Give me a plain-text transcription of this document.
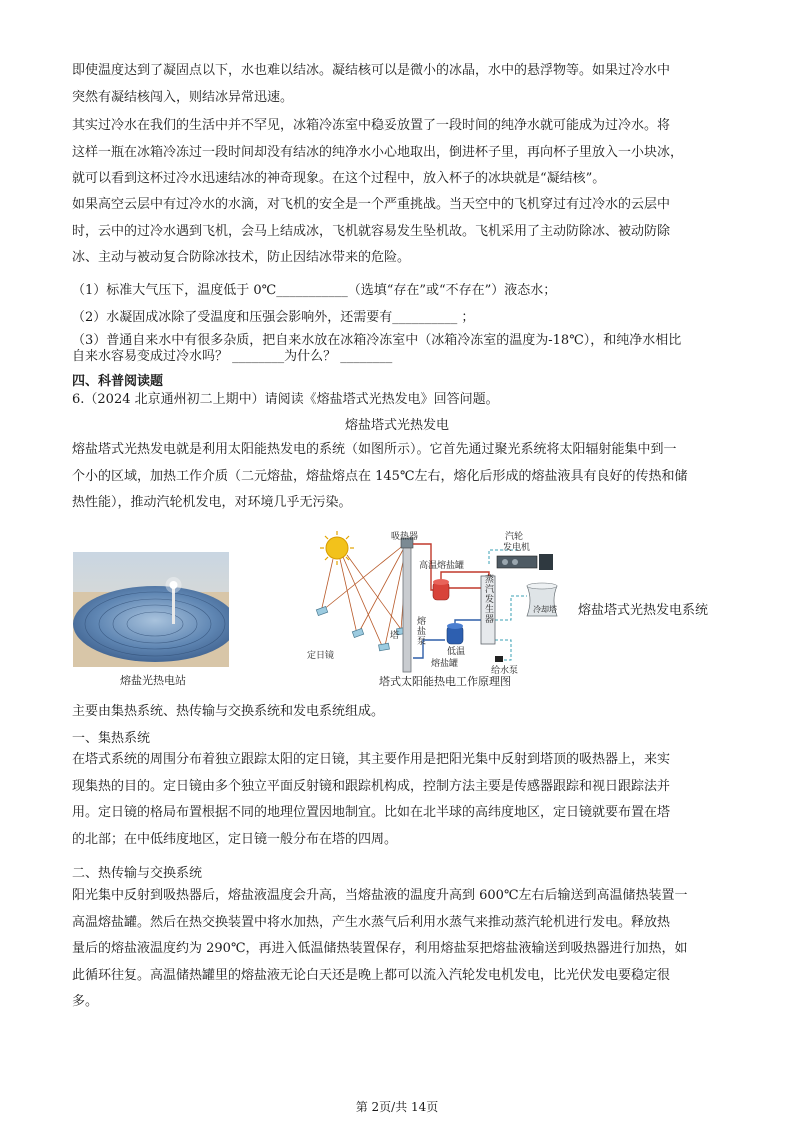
即使温度达到了凝固点以下，水也难以结冰。凝结核可以是微小的冰晶，水中的悬浮物等。如果过冷水中
突然有凝结核闯入，则结冰异常迅速。

其实过冷水在我们的生活中并不罕见，冰箱冷冻室中稳妥放置了一段时间的纯净水就可能成为过冷水。将
这样一瓶在冰箱冷冻过一段时间却没有结冰的纯净水小心地取出，倒进杯子里，再向杯子里放入一小块冰，
就可以看到这杯过冷水迅速结冰的神奇现象。在这个过程中，放入杯子的冰块就是“凝结核”。

如果高空云层中有过冷水的水滴，对飞机的安全是一个严重挑战。当天空中的飞机穿过有过冷水的云层中
时，云中的过冷水遇到飞机，会马上结成冰，飞机就容易发生坠机故。飞机采用了主动防除冰、被动防除
冰、主动与被动复合防除冰技术，防止因结冰带来的危险。

（1）标准大气压下，温度低于 0℃___________（选填“存在”或“不存在”）液态水；

（2）水凝固成冰除了受温度和压强会影响外，还需要有__________ ；

（3）普通自来水中有很多杂质，把自来水放在冰箱冷冻室中（冰箱冷冻室的温度为-18℃），和纯净水相比
自来水容易变成过冷水吗？ ________为什么？ ________

四、科普阅读题

6.（2024 北京通州初二上期中）请阅读《熔盐塔式光热发电》回答问题。

熔盐塔式光热发电

熔盐塔式光热发电就是利用太阳能热发电的系统（如图所示）。它首先通过聚光系统将太阳辐射能集中到一
个小的区域，加热工作介质（二元熔盐，熔盐熔点在 145℃左右，熔化后形成的熔盐液具有良好的传热和储
热性能），推动汽轮机发电，对环境几乎无污染。

熔盐光热电站
吸热器	汽轮
发电机
高温熔盐罐
蒸
汽
发
生
器
冷却塔
塔
熔
盐
泵
低温
熔盐罐
定日镜
给水泵
塔式太阳能热电工作原理图
熔盐塔式光热发电系统

主要由集热系统、热传输与交换系统和发电系统组成。

一、集热系统

在塔式系统的周围分布着独立跟踪太阳的定日镜，其主要作用是把阳光集中反射到塔顶的吸热器上，来实
现集热的目的。定日镜由多个独立平面反射镜和跟踪机构成，控制方法主要是传感器跟踪和视日跟踪法并
用。定日镜的格局布置根据不同的地理位置因地制宜。比如在北半球的高纬度地区，定日镜就要布置在塔
的北部；在中低纬度地区，定日镜一般分布在塔的四周。

二、热传输与交换系统

阳光集中反射到吸热器后，熔盐液温度会升高，当熔盐液的温度升高到 600℃左右后输送到高温储热装置一
高温熔盐罐。然后在热交换装置中将水加热，产生水蒸气后利用水蒸气来推动蒸汽轮机进行发电。释放热
量后的熔盐液温度约为 290℃，再进入低温储热装置保存，利用熔盐泵把熔盐液输送到吸热器进行加热，如
此循环往复。高温储热罐里的熔盐液无论白天还是晚上都可以流入汽轮发电机发电，比光伏发电要稳定很
多。

第 2页/共 14页
